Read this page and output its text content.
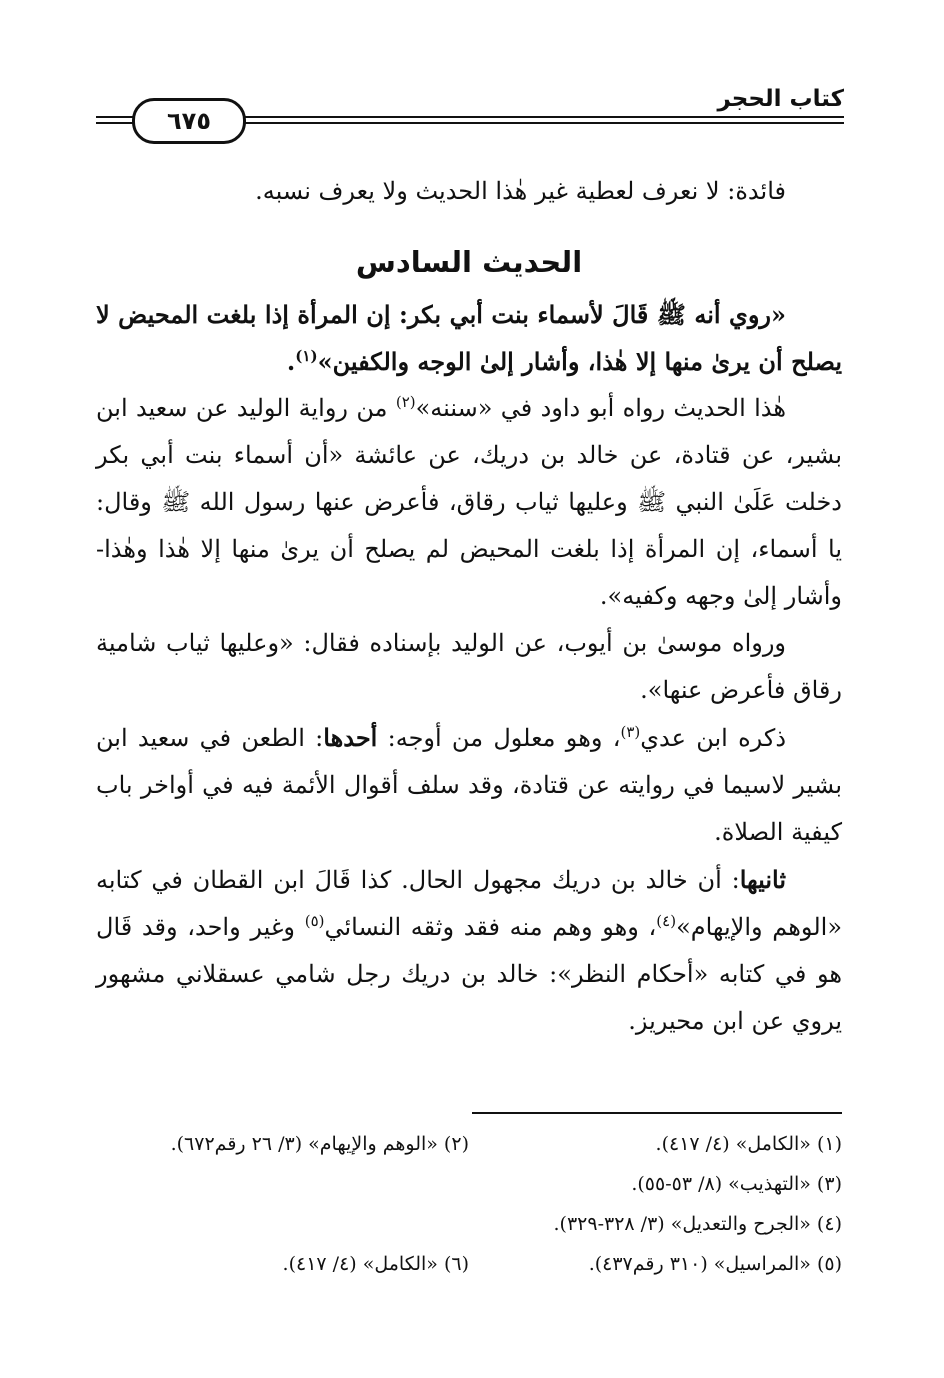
٦٧٥
كتاب الحجر

فائدة: لا نعرف لعطية غير هٰذا الحديث ولا يعرف نسبه.

الحديث السادس

«روي أنه ﷺ قَالَ لأسماء بنت أبي بكر: إن المرأة إذا بلغت المحيض لا يصلح أن يرىٰ منها إلا هٰذا، وأشار إلىٰ الوجه والكفين»$^{(١)}$.

هٰذا الحديث رواه أبو داود في «سننه»$^{(٢)}$ من رواية الوليد عن سعيد ابن بشير، عن قتادة، عن خالد بن دريك، عن عائشة «أن أسماء بنت أبي بكر دخلت عَلَىٰ النبي ﷺ وعليها ثياب رقاق، فأعرض عنها رسول الله ﷺ وقال: يا أسماء، إن المرأة إذا بلغت المحيض لم يصلح أن يرىٰ منها إلا هٰذا وهٰذا- وأشار إلىٰ وجهه وكفيه».

ورواه موسىٰ بن أيوب، عن الوليد بإسناده فقال: «وعليها ثياب شامية رقاق فأعرض عنها».

ذكره ابن عدي$^{(٣)}$، وهو معلول من أوجه: أحدها: الطعن في سعيد ابن بشير لاسيما في روايته عن قتادة، وقد سلف أقوال الأئمة فيه في أواخر باب كيفية الصلاة.

ثانيها: أن خالد بن دريك مجهول الحال. كذا قَالَ ابن القطان في كتابه «الوهم والإيهام»$^{(٤)}$، وهو وهم منه فقد وثقه النسائي$^{(٥)}$ وغير واحد، وقد قَال هو في كتابه «أحكام النظر»: خالد بن دريك رجل شامي عسقلاني مشهور يروي عن ابن محيريز.

(١) «الكامل» (٤/ ٤١٧).
(٢) «الوهم والإيهام» (٣/ ٢٦ رقم٦٧٢).
(٣) «التهذيب» (٨/ ٥٣-٥٥).
(٤) «الجرح والتعديل» (٣/ ٣٢٨-٣٢٩).
(٥) «المراسيل» (٣١٠ رقم٤٣٧).
(٦) «الكامل» (٤/ ٤١٧).
